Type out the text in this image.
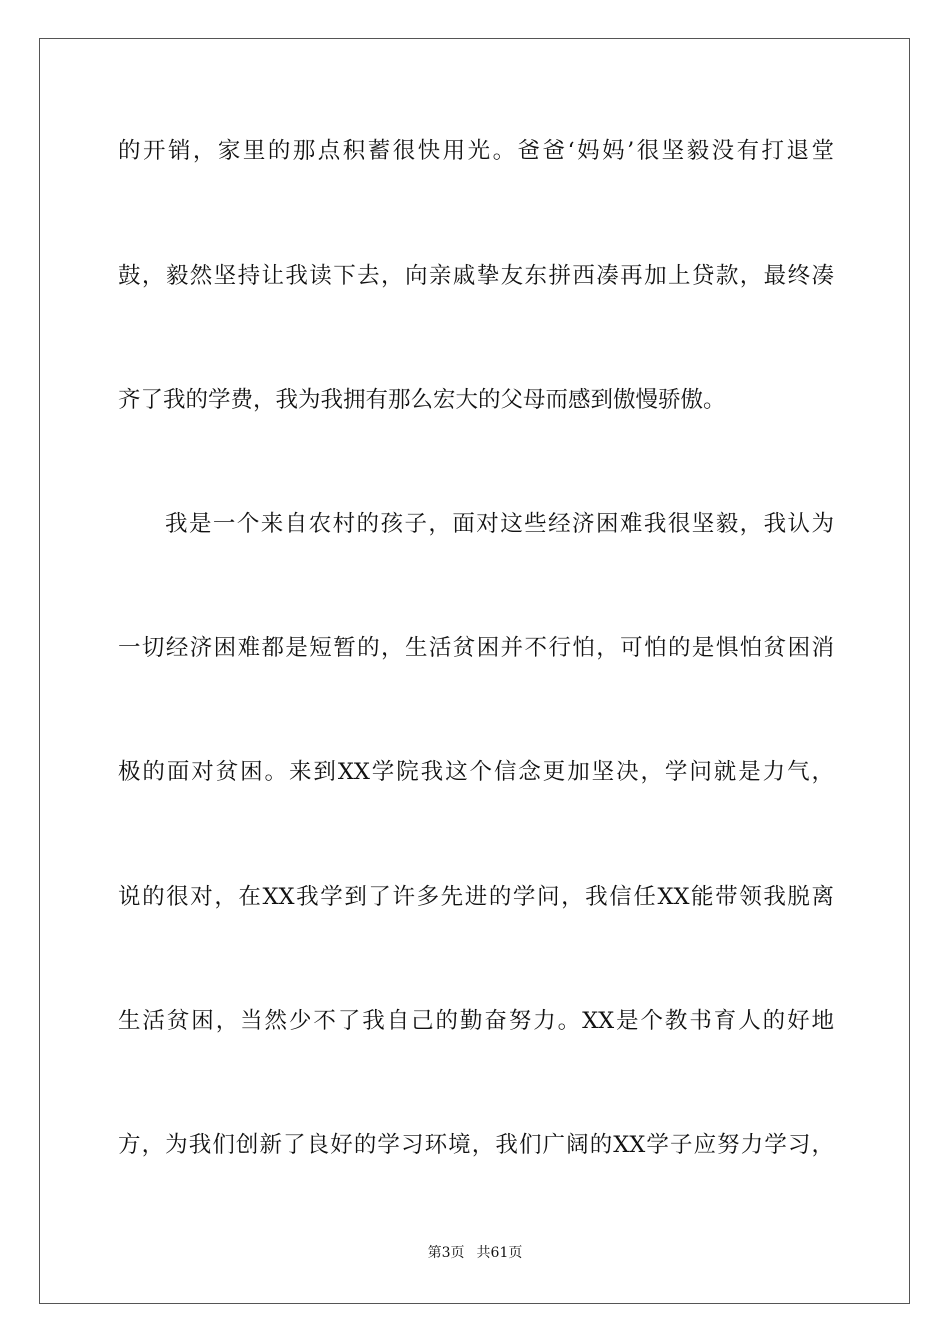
的开销，家里的那点积蓄很快用光。爸爸‘妈妈’很坚毅没有打退堂
鼓，毅然坚持让我读下去，向亲戚挚友东拼西凑再加上贷款，最终凑
齐了我的学费，我为我拥有那么宏大的父母而感到傲慢骄傲。
我是一个来自农村的孩子，面对这些经济困难我很坚毅，我认为
一切经济困难都是短暂的，生活贫困并不行怕，可怕的是惧怕贫困消
极的面对贫困。来到XX学院我这个信念更加坚决，学问就是力气，
说的很对，在XX我学到了许多先进的学问，我信任XX能带领我脱离
生活贫困，当然少不了我自己的勤奋努力。XX是个教书育人的好地
方，为我们创新了良好的学习环境，我们广阔的XX学子应努力学习，
第3页 共61页
